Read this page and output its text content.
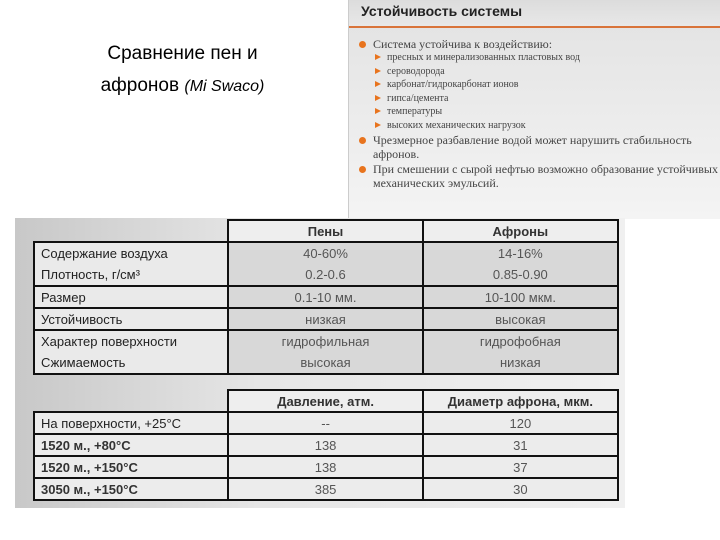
Сравнение пен и
афронов (Mi Swaco)
Устойчивость системы
Система устойчива к воздействию:
пресных и минерализованных пластовых вод
сероводорода
карбонат/гидрокарбонат ионов
гипса/цемента
температуры
высоких механических нагрузок
Чрезмерное разбавление водой может нарушить стабильность афронов.
При смешении с сырой нефтью возможно образование устойчивых механических эмульсий.
	Пены	Афроны
Содержание воздуха	40-60%	14-16%
Плотность, г/см³	0.2-0.6	0.85-0.90
Размер	0.1-10 мм.	10-100 мкм.
Устойчивость	низкая	высокая
Характер поверхности	гидрофильная	гидрофобная
Сжимаемость	высокая	низкая
	Давление, атм.	Диаметр афрона, мкм.
На поверхности, +25°C	--	120
1520 м., +80°C	138	31
1520 м., +150°C	138	37
3050 м., +150°C	385	30
